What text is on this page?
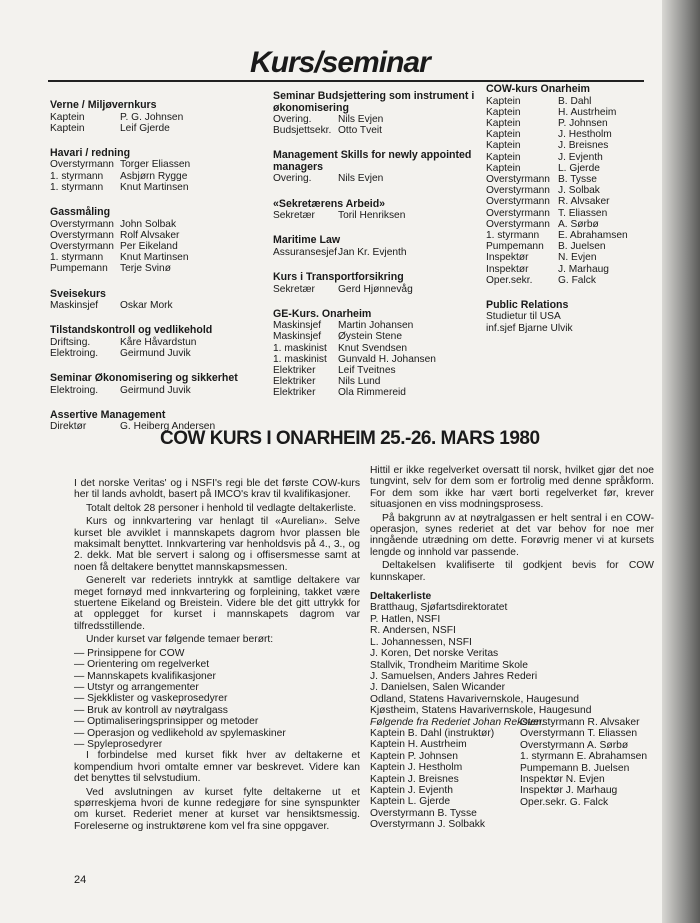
Kurs/seminar
Verne / Miljøvernkurs
Kaptein	P. G. Johnsen
Kaptein	Leif Gjerde
Havari / redning
Overstyrmann Torger Eliassen
1. styrmann	Asbjørn Rygge
1. styrmann	Knut Martinsen
Gassmåling
Overstyrmann John Solbak
Overstyrmann Rolf Alvsaker
Overstyrmann Per Eikeland
1. styrmann	Knut Martinsen
Pumpemann	Terje Svinø
Sveisekurs
Maskinsjef	Oskar Mork
Tilstandskontroll og vedlikehold
Driftsing.	Kåre Håvardstun
Elektroing.	Geirmund Juvik
Seminar Økonomisering og sikkerhet
Elektroing.	Geirmund Juvik
Assertive Management
Direktør	G. Heiberg Andersen
Seminar Budsjettering som instrument i økonomisering
Overing.	Nils Evjen
Budsjettsekr. Otto Tveit
Management Skills for newly appointed managers
Overing.	Nils Evjen
«Sekretærens Arbeid»
Sekretær	Toril Henriksen
Maritime Law
Assuransesjef Jan Kr. Evjenth
Kurs i Transportforsikring
Sekretær	Gerd Hjønnevåg
GE-Kurs. Onarheim
Maskinsjef	Martin Johansen
Maskinsjef	Øystein Stene
1. maskinist	Knut Svendsen
1. maskinist	Gunvald H. Johansen
Elektriker	Leif Tveitnes
Elektriker	Nils Lund
Elektriker	Ola Rimmereid
COW-kurs Onarheim
Kaptein	B. Dahl
Kaptein	H. Austrheim
Kaptein	P. Johnsen
Kaptein	J. Hestholm
Kaptein	J. Breisnes
Kaptein	J. Evjenth
Kaptein	L. Gjerde
Overstyrmann B. Tysse
Overstyrmann J. Solbak
Overstyrmann R. Alvsaker
Overstyrmann T. Eliassen
Overstyrmann A. Sørbø
1. styrmann	E. Abrahamsen
Pumpemann	B. Juelsen
Inspektør	N. Evjen
Inspektør	J. Marhaug
Oper.sekr.	G. Falck
Public Relations
Studietur til USA
inf.sjef Bjarne Ulvik
COW KURS I ONARHEIM 25.-26. MARS 1980

I det norske Veritas' og i NSFI's regi ble det første COW-kurs her til lands avholdt, basert på IMCO's krav til kvalifikasjoner.

Totalt deltok 28 personer i henhold til vedlagte deltakerliste.

Kurs og innkvartering var henlagt til «Aurelian». Selve kurset ble avviklet i mannskapets dagrom hvor plassen ble maksimalt benyttet. Innkvartering var henholdsvis på 4., 3., og 2. dekk. Mat ble servert i salong og i offisersmesse samt at noen få deltakere benyttet mannskapsmessen.

Generelt var rederiets inntrykk at samtlige deltakere var meget fornøyd med innkvartering og forpleining, takket være stuertene Eikeland og Breistein. Videre ble det gitt uttrykk for at opplegget for kurset i mannskapets dagrom var tilfredsstillende.

Under kurset var følgende temaer berørt:

— Prinsippene for COW
— Orientering om regelverket
— Mannskapets kvalifikasjoner
— Utstyr og arrangementer
— Sjekklister og vaskeprosedyrer
— Bruk av kontroll av nøytralgass
— Optimaliseringsprinsipper og metoder
— Operasjon og vedlikehold av spylemaskiner
— Spyleprosedyrer

I forbindelse med kurset fikk hver av deltakerne et kompendium hvori omtalte emner var beskrevet. Videre kan det benyttes til selvstudium.

Ved avslutningen av kurset fylte deltakerne ut et spørreskjema hvori de kunne redegjøre for sine synspunkter om kurset. Rederiet mener at kurset var hensiktsmessig. Foreleserne og instruktørene kom vel fra sine oppgaver.

Hittil er ikke regelverket oversatt til norsk, hvilket gjør det noe tungvint, selv for dem som er fortrolig med denne språkform. For dem som ikke har vært borti regelverket før, krever situasjonen en viss modningsprosess.

På bakgrunn av at nøytralgassen er helt sentral i en COW-operasjon, synes rederiet at det var behov for noe mer inngående utrædning om dette. Forøvrig mener vi at kursets lengde og innhold var passende.

Deltakelsen kvalifiserte til godkjent bevis for COW kunnskaper.

Deltakerliste
Bratthaug, Sjøfartsdirektoratet
P. Hatlen, NSFI
R. Andersen, NSFI
L. Johannessen, NSFI
J. Koren, Det norske Veritas
Stallvik, Trondheim Maritime Skole
J. Samuelsen, Anders Jahres Rederi
J. Danielsen, Salen Wicander
Odland, Statens Havarivernskole, Haugesund
Kjøstheim, Statens Havarivernskole, Haugesund
Følgende fra Rederiet Johan Reksten:
Kaptein B. Dahl (instruktør)
Kaptein H. Austrheim
Kaptein P. Johnsen
Kaptein J. Hestholm
Kaptein J. Breisnes
Kaptein J. Evjenth
Kaptein L. Gjerde
Overstyrmann B. Tysse
Overstyrmann J. Solbakk
Overstyrmann R. Alvsaker
Overstyrmann T. Eliassen
Overstyrmann A. Sørbø
1. styrmann E. Abrahamsen
Pumpemann B. Juelsen
Inspektør N. Evjen
Inspektør J. Marhaug
Oper.sekr. G. Falck
24
